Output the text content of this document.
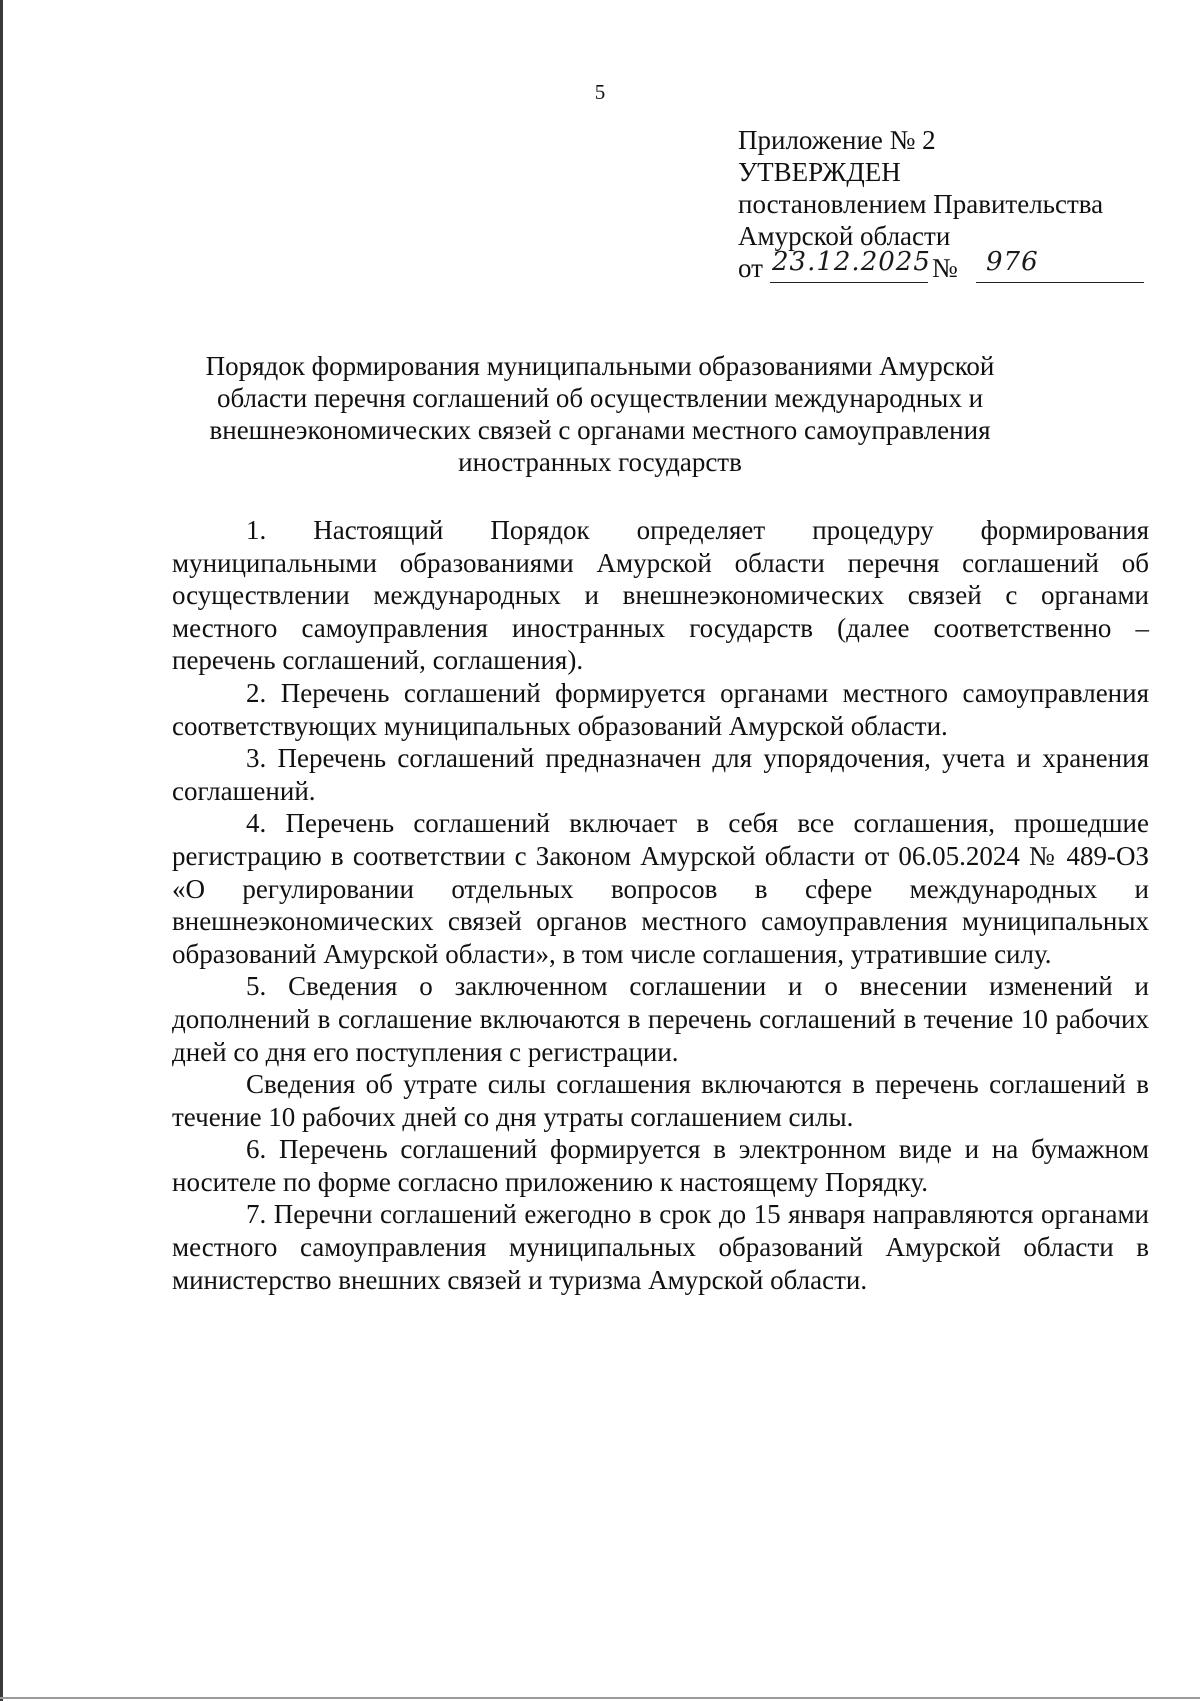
5
Приложение № 2
УТВЕРЖДЕН
постановлением Правительства
Амурской области
от 23.12.2025 № 976
Порядок формирования муниципальными образованиями Амурской области перечня соглашений об осуществлении международных и внешнеэкономических связей с органами местного самоуправления иностранных государств

1. Настоящий Порядок определяет процедуру формирования муниципальными образованиями Амурской области перечня соглашений об осуществлении международных и внешнеэкономических связей с органами местного самоуправления иностранных государств (далее соответственно – перечень соглашений, соглашения).

2. Перечень соглашений формируется органами местного самоуправления соответствующих муниципальных образований Амурской области.

3. Перечень соглашений предназначен для упорядочения, учета и хранения соглашений.

4. Перечень соглашений включает в себя все соглашения, прошедшие регистрацию в соответствии с Законом Амурской области от 06.05.2024 № 489-ОЗ «О регулировании отдельных вопросов в сфере международных и внешнеэкономических связей органов местного самоуправления муниципальных образований Амурской области», в том числе соглашения, утратившие силу.

5. Сведения о заключенном соглашении и о внесении изменений и дополнений в соглашение включаются в перечень соглашений в течение 10 рабочих дней со дня его поступления с регистрации.

Сведения об утрате силы соглашения включаются в перечень соглашений в течение 10 рабочих дней со дня утраты соглашением силы.

6. Перечень соглашений формируется в электронном виде и на бумажном носителе по форме согласно приложению к настоящему Порядку.

7. Перечни соглашений ежегодно в срок до 15 января направляются органами местного самоуправления муниципальных образований Амурской области в министерство внешних связей и туризма Амурской области.
